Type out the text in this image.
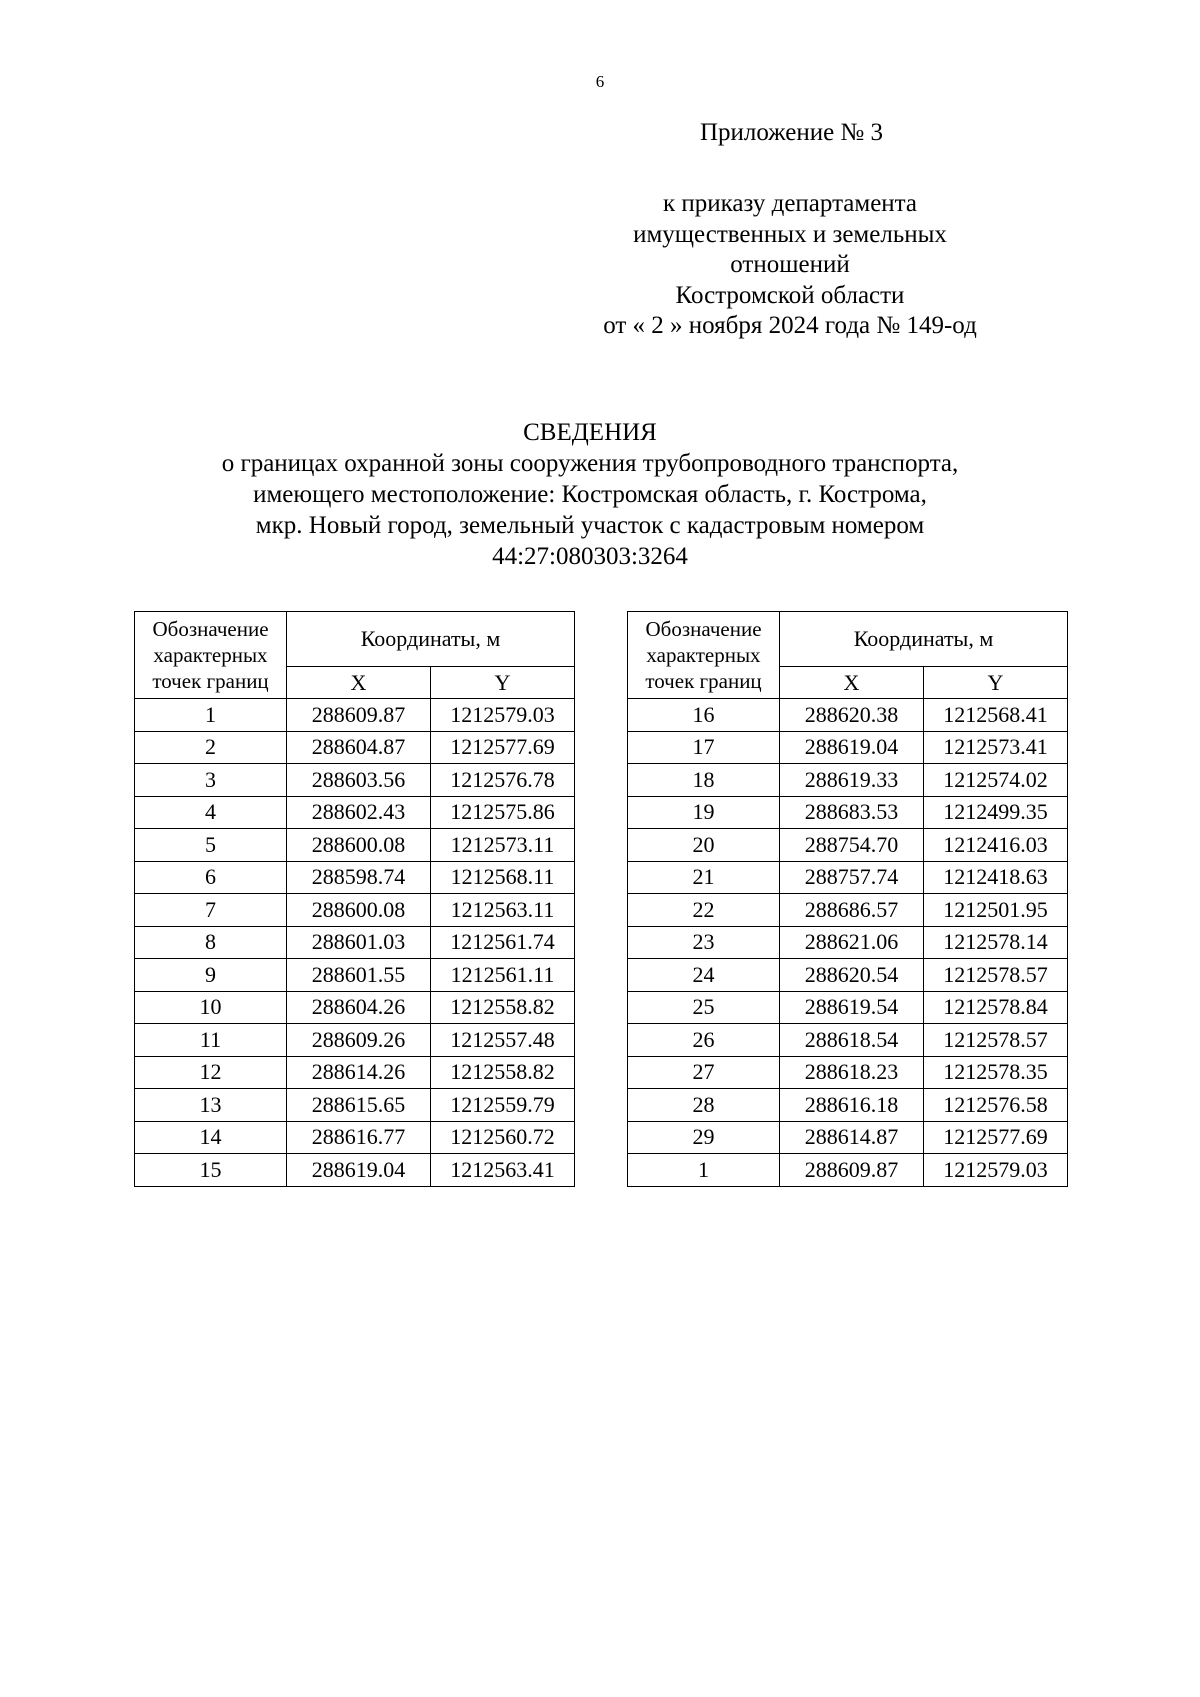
6
Приложение № 3
к приказу департамента
имущественных и земельных
отношений
Костромской области
от « 2 » ноября 2024 года № 149-од
СВЕДЕНИЯ
о границах охранной зоны сооружения трубопроводного транспорта,
имеющего местоположение: Костромская область, г. Кострома,
мкр. Новый город, земельный участок с кадастровым номером
44:27:080303:3264
Обозначение
характерных
точек границ	Координаты, м	
	X	Y
1	288609.87	1212579.03
2	288604.87	1212577.69
3	288603.56	1212576.78
4	288602.43	1212575.86
5	288600.08	1212573.11
6	288598.74	1212568.11
7	288600.08	1212563.11
8	288601.03	1212561.74
9	288601.55	1212561.11
10	288604.26	1212558.82
11	288609.26	1212557.48
12	288614.26	1212558.82
13	288615.65	1212559.79
14	288616.77	1212560.72
15	288619.04	1212563.41
Обозначение
характерных
точек границ	Координаты, м	
	X	Y
16	288620.38	1212568.41
17	288619.04	1212573.41
18	288619.33	1212574.02
19	288683.53	1212499.35
20	288754.70	1212416.03
21	288757.74	1212418.63
22	288686.57	1212501.95
23	288621.06	1212578.14
24	288620.54	1212578.57
25	288619.54	1212578.84
26	288618.54	1212578.57
27	288618.23	1212578.35
28	288616.18	1212576.58
29	288614.87	1212577.69
1	288609.87	1212579.03
